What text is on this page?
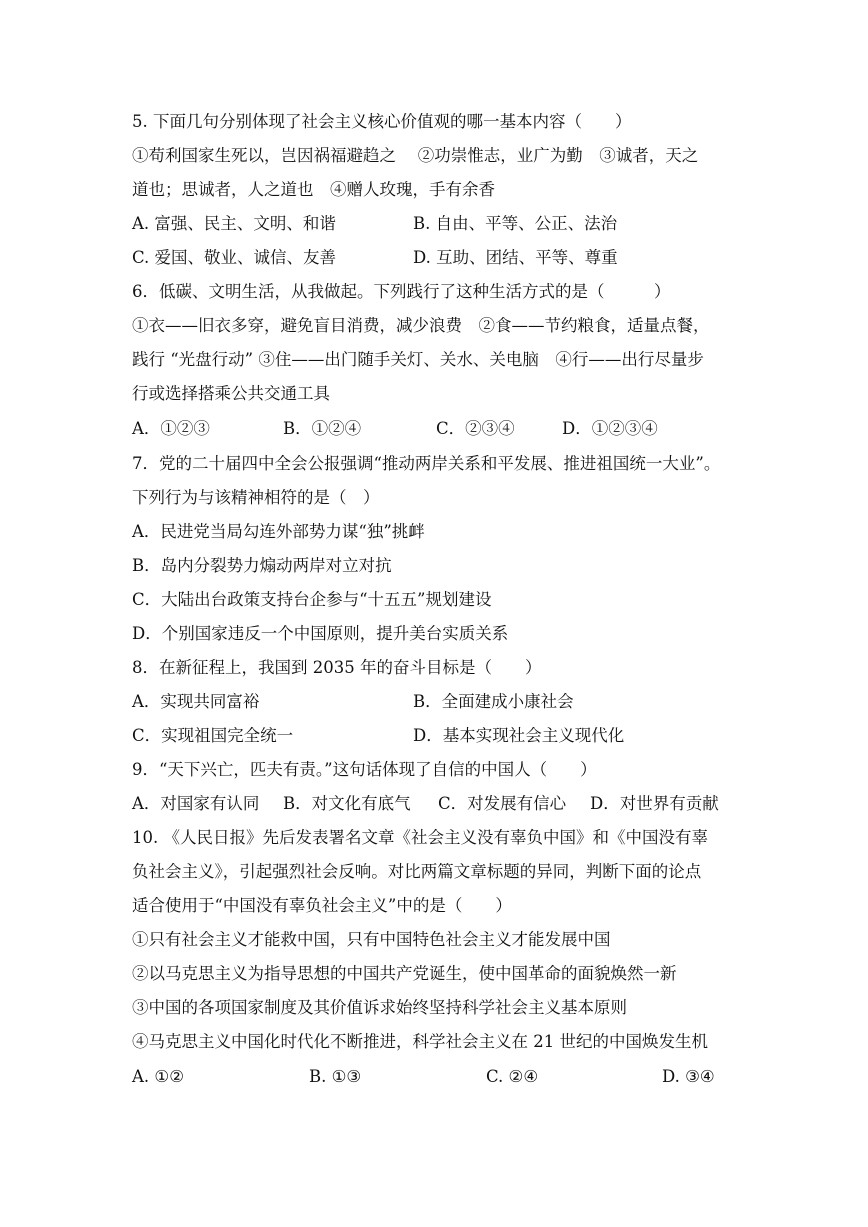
5. 下面几句分别体现了社会主义核心价值观的哪一基本内容（　　）
①苟利国家生死以，岂因祸福避趋之　 ②功崇惟志，业广为勤　③诚者，天之
道也；思诚者，人之道也　④赠人玫瑰，手有余香
A. 富强、民主、文明、和谐	B. 自由、平等、公正、法治
C. 爱国、敬业、诚信、友善	D. 互助、团结、平等、尊重
6．低碳、文明生活，从我做起。下列践行了这种生活方式的是（　　　）
①衣——旧衣多穿，避免盲目消费，减少浪费　②食——节约粮食，适量点餐，
践行 “光盘行动” ③住——出门随手关灯、关水、关电脑　④行——出行尽量步
行或选择搭乘公共交通工具
A．①②③	B．①②④	C．②③④	D．①②③④
7．党的二十届四中全会公报强调“推动两岸关系和平发展、推进祖国统一大业”。
下列行为与该精神相符的是（　）
A．民进党当局勾连外部势力谋“独”挑衅
B．岛内分裂势力煽动两岸对立对抗
C．大陆出台政策支持台企参与“十五五”规划建设
D．个别国家违反一个中国原则，提升美台实质关系
8．在新征程上，我国到 2035 年的奋斗目标是（　　）
A．实现共同富裕	B．全面建成小康社会
C．实现祖国完全统一	D．基本实现社会主义现代化
9．“天下兴亡，匹夫有责。”这句话体现了自信的中国人（　　）
A．对国家有认同 B．对文化有底气 C．对发展有信心 D．对世界有贡献
10. 《人民日报》先后发表署名文章《社会主义没有辜负中国》和《中国没有辜
负社会主义》，引起强烈社会反响。对比两篇文章标题的异同，判断下面的论点
适合使用于“中国没有辜负社会主义”中的是（　　）
①只有社会主义才能救中国，只有中国特色社会主义才能发展中国
②以马克思主义为指导思想的中国共产党诞生，使中国革命的面貌焕然一新
③中国的各项国家制度及其价值诉求始终坚持科学社会主义基本原则
④马克思主义中国化时代化不断推进，科学社会主义在 21 世纪的中国焕发生机
A. ①②	B. ①③	C. ②④	D. ③④
